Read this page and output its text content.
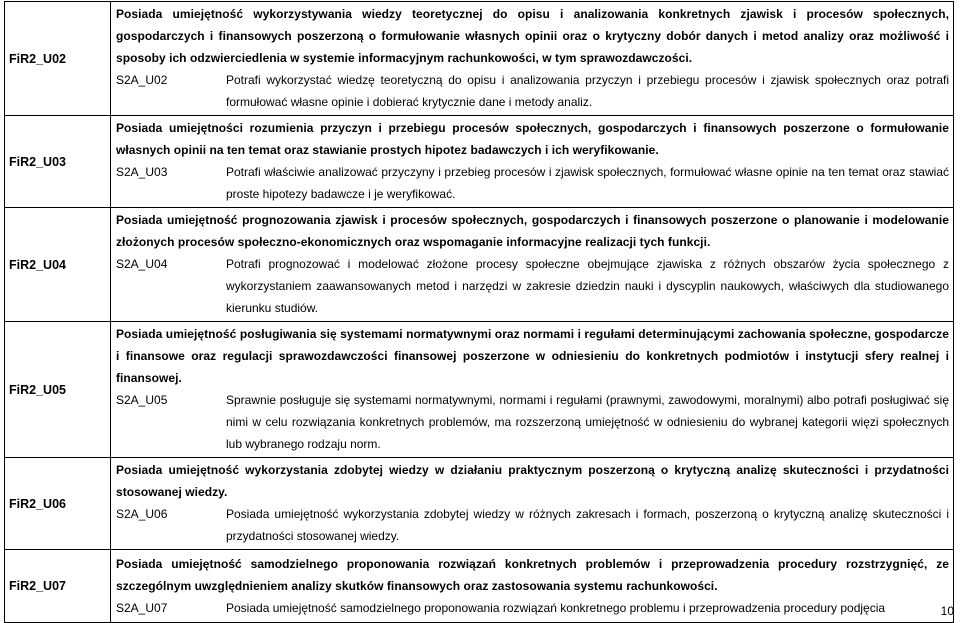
FiR2_U02	Posiada umiejętność wykorzystywania wiedzy teoretycznej do opisu i analizowania konkretnych zjawisk i procesów społecznych, gospodarczych i finansowych poszerzoną o formułowanie własnych opinii oraz o krytyczny dobór danych i metod analizy oraz możliwość i sposoby ich odzwierciedlenia w systemie informacyjnym rachunkowości, w tym sprawozdawczości.
S2A_U02 Potrafi wykorzystać wiedzę teoretyczną do opisu i analizowania przyczyn i przebiegu procesów i zjawisk społecznych oraz potrafi formułować własne opinie i dobierać krytycznie dane i metody analiz.

FiR2_U03	Posiada umiejętności rozumienia przyczyn i przebiegu procesów społecznych, gospodarczych i finansowych poszerzone o formułowanie własnych opinii na ten temat oraz stawianie prostych hipotez badawczych i ich weryfikowanie.
S2A_U03 Potrafi właściwie analizować przyczyny i przebieg procesów i zjawisk społecznych, formułować własne opinie na ten temat oraz stawiać proste hipotezy badawcze i je weryfikować.

FiR2_U04	Posiada umiejętność prognozowania zjawisk i procesów społecznych, gospodarczych i finansowych poszerzone o planowanie i modelowanie złożonych procesów społeczno-ekonomicznych oraz wspomaganie informacyjne realizacji tych funkcji.
S2A_U04 Potrafi prognozować i modelować złożone procesy społeczne obejmujące zjawiska z różnych obszarów życia społecznego z wykorzystaniem zaawansowanych metod i narzędzi w zakresie dziedzin nauki i dyscyplin naukowych, właściwych dla studiowanego kierunku studiów.

FiR2_U05	Posiada umiejętność posługiwania się systemami normatywnymi oraz normami i regułami determinującymi zachowania społeczne, gospodarcze i finansowe oraz regulacji sprawozdawczości finansowej poszerzone w odniesieniu do konkretnych podmiotów i instytucji sfery realnej i finansowej.
S2A_U05 Sprawnie posługuje się systemami normatywnymi, normami i regułami (prawnymi, zawodowymi, moralnymi) albo potrafi posługiwać się nimi w celu rozwiązania konkretnych problemów, ma rozszerzoną umiejętność w odniesieniu do wybranej kategorii więzi społecznych lub wybranego rodzaju norm.

FiR2_U06	Posiada umiejętność wykorzystania zdobytej wiedzy w działaniu praktycznym poszerzoną o krytyczną analizę skuteczności i przydatności stosowanej wiedzy.
S2A_U06 Posiada umiejętność wykorzystania zdobytej wiedzy w różnych zakresach i formach, poszerzoną o krytyczną analizę skuteczności i przydatności stosowanej wiedzy.

FiR2_U07	Posiada umiejętność samodzielnego proponowania rozwiązań konkretnych problemów i przeprowadzenia procedury rozstrzygnięć, ze szczególnym uwzględnieniem analizy skutków finansowych oraz zastosowania systemu rachunkowości.
S2A_U07 Posiada umiejętność samodzielnego proponowania rozwiązań konkretnego problemu i przeprowadzenia procedury podjęcia	10
